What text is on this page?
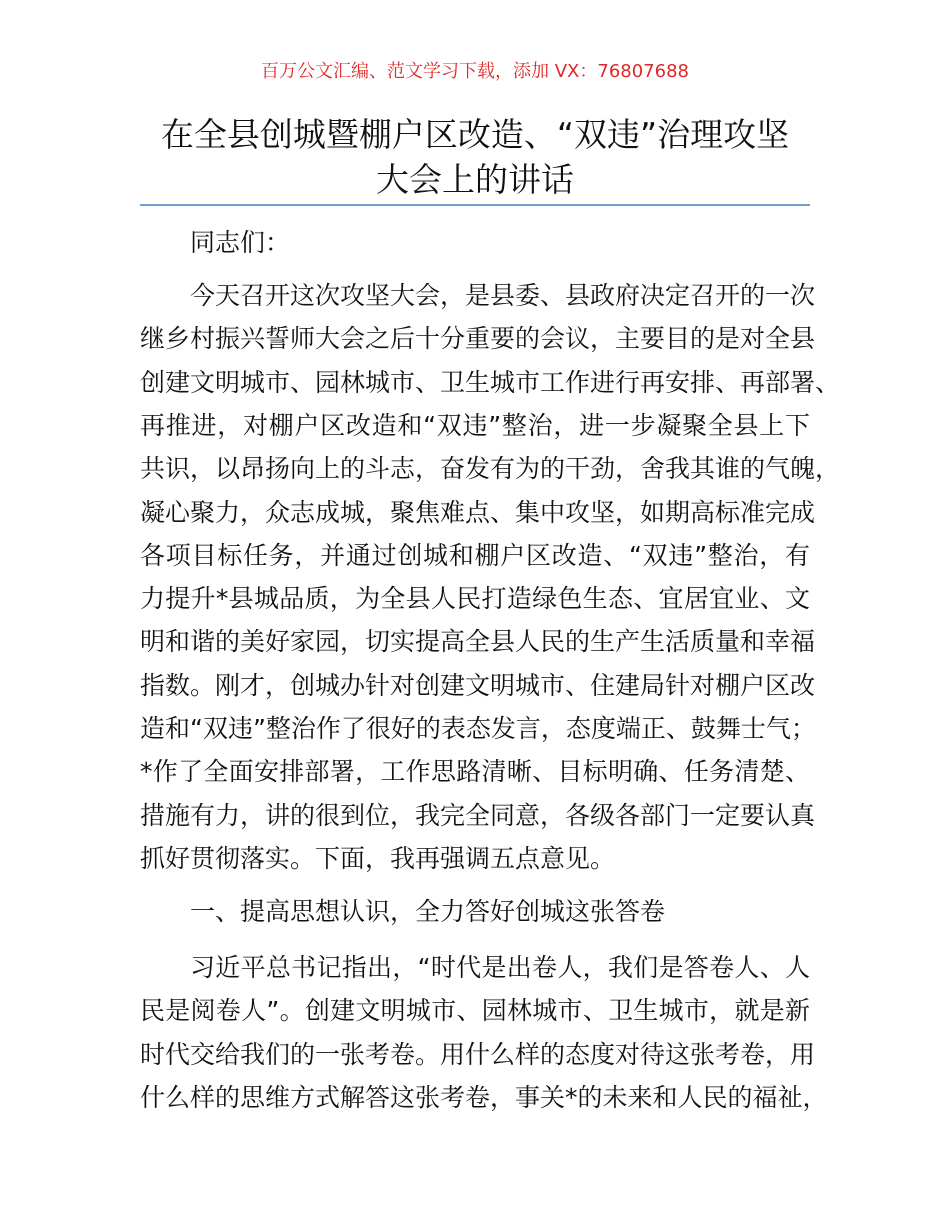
百万公文汇编、范文学习下载，添加 VX：76807688
在全县创城暨棚户区改造、“双违”治理攻坚
大会上的讲话
同志们：
今天召开这次攻坚大会，是县委、县政府决定召开的一次
继乡村振兴誓师大会之后十分重要的会议，主要目的是对全县
创建文明城市、园林城市、卫生城市工作进行再安排、再部署、
再推进，对棚户区改造和“双违”整治，进一步凝聚全县上下
共识，以昂扬向上的斗志，奋发有为的干劲，舍我其谁的气魄，
凝心聚力，众志成城，聚焦难点、集中攻坚，如期高标准完成
各项目标任务，并通过创城和棚户区改造、“双违”整治，有
力提升*县城品质，为全县人民打造绿色生态、宜居宜业、文
明和谐的美好家园，切实提高全县人民的生产生活质量和幸福
指数。刚才，创城办针对创建文明城市、住建局针对棚户区改
造和“双违”整治作了很好的表态发言，态度端正、鼓舞士气；
*作了全面安排部署，工作思路清晰、目标明确、任务清楚、
措施有力，讲的很到位，我完全同意，各级各部门一定要认真
抓好贯彻落实。下面，我再强调五点意见。
一、提高思想认识，全力答好创城这张答卷
习近平总书记指出，“时代是出卷人，我们是答卷人、人
民是阅卷人”。创建文明城市、园林城市、卫生城市，就是新
时代交给我们的一张考卷。用什么样的态度对待这张考卷，用
什么样的思维方式解答这张考卷，事关*的未来和人民的福祉，
